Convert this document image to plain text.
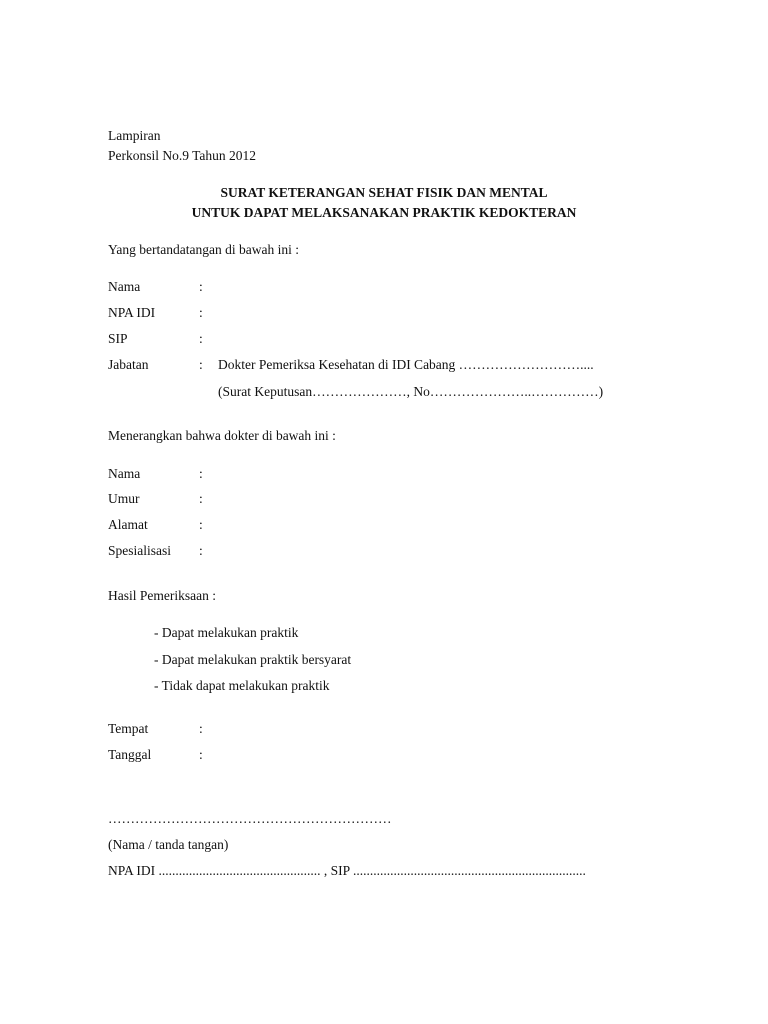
Lampiran
Perkonsil No.9 Tahun 2012
SURAT KETERANGAN SEHAT FISIK DAN MENTAL
UNTUK DAPAT MELAKSANAKAN PRAKTIK KEDOKTERAN
Yang bertandatangan di bawah ini :
Nama	:
NPA IDI	:
SIP	:
Jabatan	: Dokter Pemeriksa Kesehatan di IDI Cabang ………………………....
(Surat Keputusan…………………, No…………………..……………)
Menerangkan bahwa dokter di bawah ini :
Nama	:
Umur	:
Alamat	:
Spesialisasi :
Hasil Pemeriksaan :
- Dapat melakukan praktik
- Dapat melakukan praktik bersyarat
- Tidak dapat melakukan praktik
Tempat	:
Tanggal	:
………………………………………………………
(Nama / tanda tangan)
NPA IDI ................................................ , SIP .....................................................................
